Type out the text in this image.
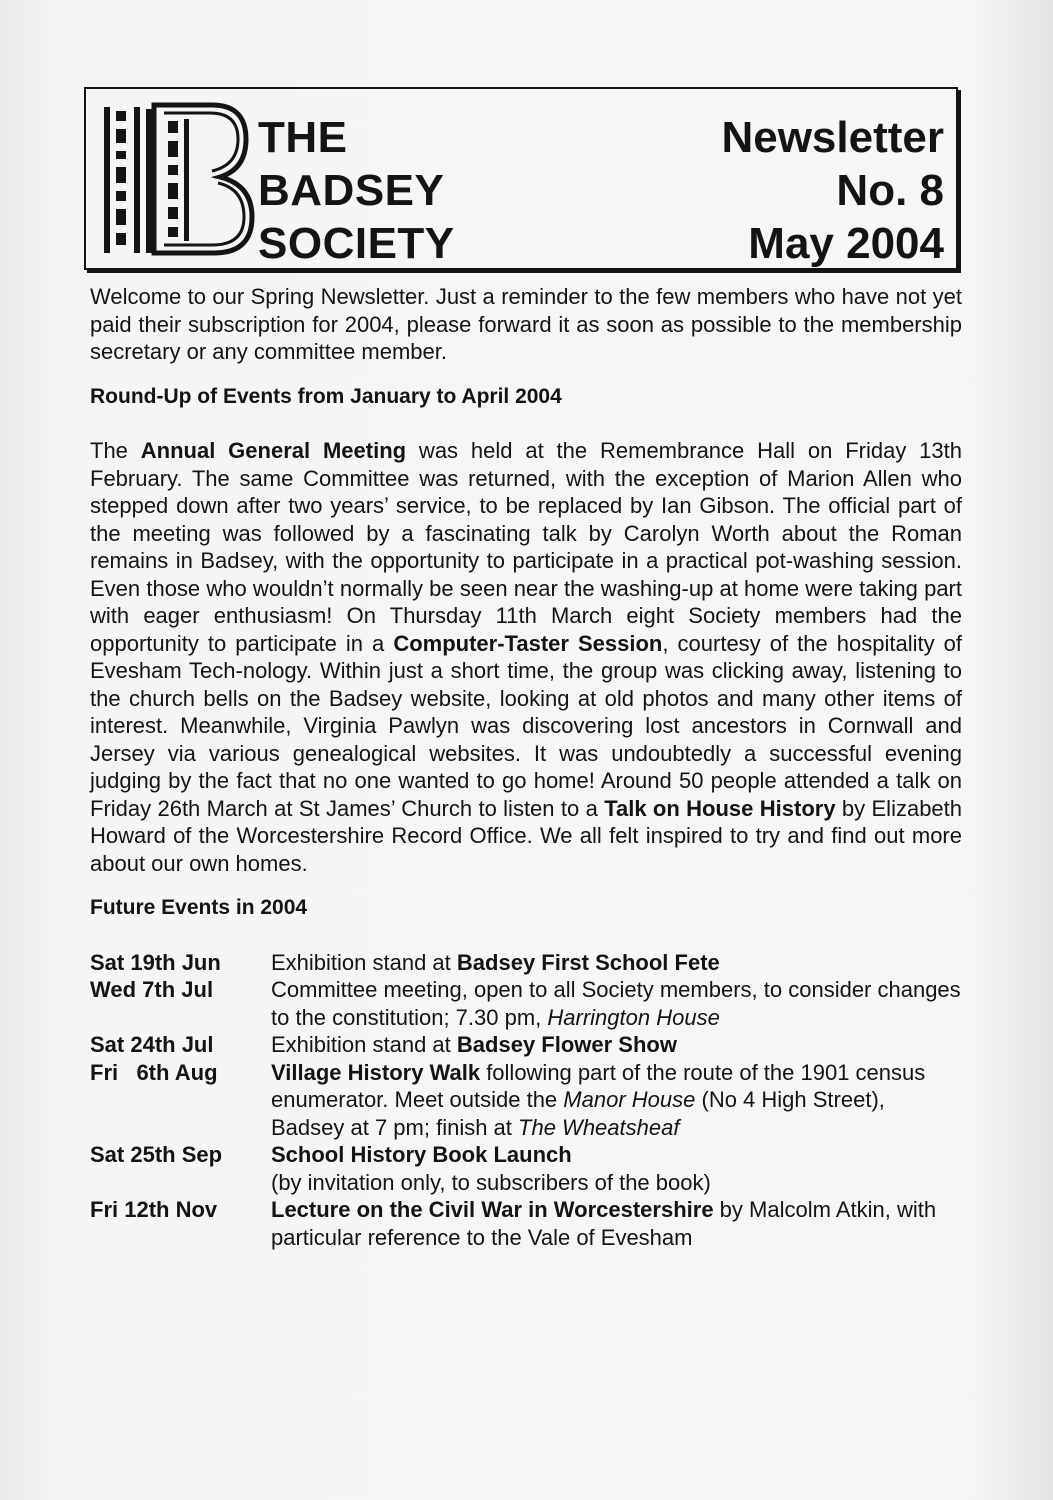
THE
BADSEY
SOCIETY
Newsletter
No. 8
May 2004

Welcome to our Spring Newsletter. Just a reminder to the few members who have not yet paid their subscription for 2004, please forward it as soon as possible to the membership secretary or any committee member.

Round-Up of Events from January to April 2004

The Annual General Meeting was held at the Remembrance Hall on Friday 13th February. The same Committee was returned, with the exception of Marion Allen who stepped down after two years’ service, to be replaced by Ian Gibson. The official part of the meeting was followed by a fascinating talk by Carolyn Worth about the Roman remains in Badsey, with the opportunity to participate in a practical pot-washing session. Even those who wouldn’t normally be seen near the washing-up at home were taking part with eager enthusiasm! On Thursday 11th March eight Society members had the opportunity to participate in a Computer-Taster Session, courtesy of the hospitality of Evesham Tech-nology. Within just a short time, the group was clicking away, listening to the church bells on the Badsey website, looking at old photos and many other items of interest. Meanwhile, Virginia Pawlyn was discovering lost ancestors in Cornwall and Jersey via various genealogical websites. It was undoubtedly a successful evening judging by the fact that no one wanted to go home! Around 50 people attended a talk on Friday 26th March at St James’ Church to listen to a Talk on House History by Elizabeth Howard of the Worcestershire Record Office. We all felt inspired to try and find out more about our own homes.

Future Events in 2004

Sat 19th Jun	Exhibition stand at Badsey First School Fete
Wed 7th Jul	Committee meeting, open to all Society members, to consider changes to the constitution; 7.30 pm, Harrington House
Sat 24th Jul	Exhibition stand at Badsey Flower Show
Fri   6th Aug	Village History Walk following part of the route of the 1901 census enumerator. Meet outside the Manor House (No 4 High Street), Badsey at 7 pm; finish at The Wheatsheaf
Sat 25th Sep	School History Book Launch
(by invitation only, to subscribers of the book)
Fri 12th Nov	Lecture on the Civil War in Worcestershire by Malcolm Atkin, with particular reference to the Vale of Evesham
